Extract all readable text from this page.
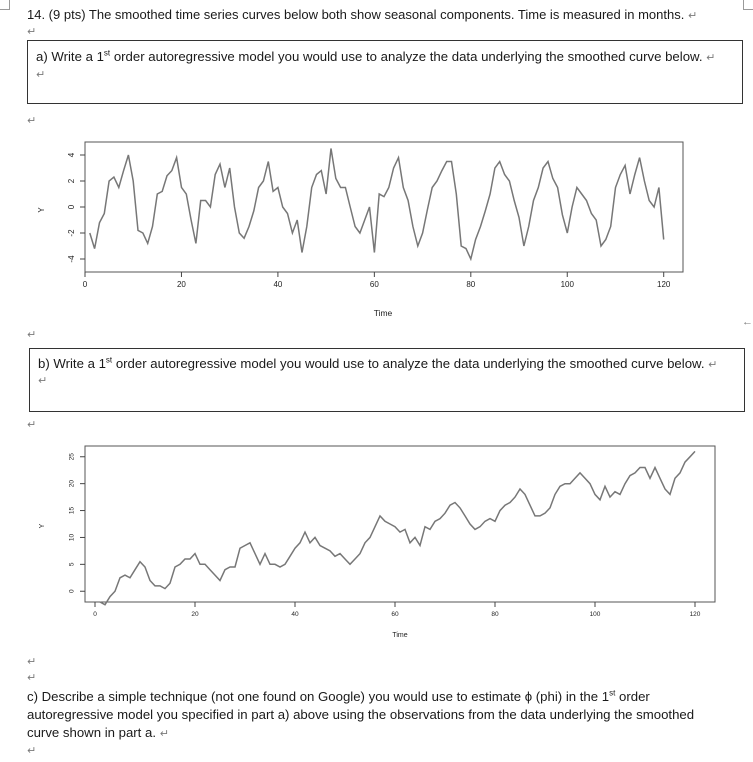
14. (9 pts) The smoothed time series curves below both show seasonal components. Time is measured in months. ↵
↵
a) Write a 1st order autoregressive model you would use to analyze the data underlying the smoothed curve below. ↵
↵
↵
0	20	40	60	80	100	120
-4
-2
0
2
4
Time
Y
↵
←
b) Write a 1st order autoregressive model you would use to analyze the data underlying the smoothed curve below. ↵
↵
↵
0	20	40	60	80	100	120
0
5
10
15
20
25
Time
Y
↵
↵
c) Describe a simple technique (not one found on Google) you would use to estimate ϕ (phi) in the 1st order
autoregressive model you specified in part a) above using the observations from the data underlying the smoothed
curve shown in part a. ↵
↵
